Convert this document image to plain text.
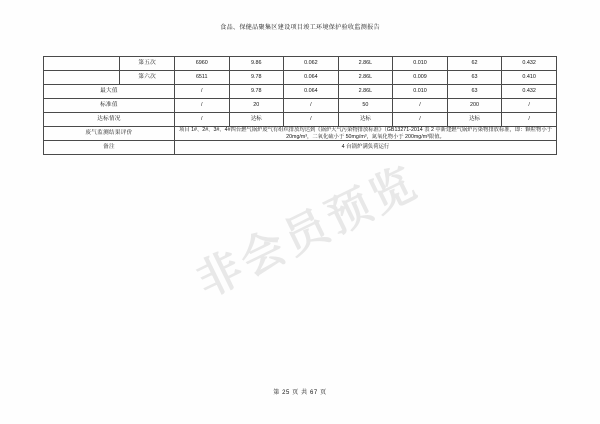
食品、保健品聚集区建设项目竣工环境保护验收监测报告
	第五次	6960	9.86	0.062	2.86L	0.010	62	0.432
	第六次	6511	9.78	0.064	2.86L	0.009	63	0.410
最大值		/	9.78	0.064	2.86L	0.010	63	0.432
标准值		/	20	/	50	/	200	/
达标情况		/	达标	/	达标	/	达标	/
废气监测结果评价		项目 1#、2#、3#、4#四台燃气锅炉废气有组织排放均达到《锅炉大气污染物排放标准》（GB13271-2014 表 2 中新建燃气锅炉污染物排放标准，即：颗粒物小于 20mg/m³，二氧化硫小于 50mg/m³，氮氧化物小于 200mg/m³限值。						
备注		4 台锅炉满负荷运行						
非会员预览
第 25 页 共 67 页
